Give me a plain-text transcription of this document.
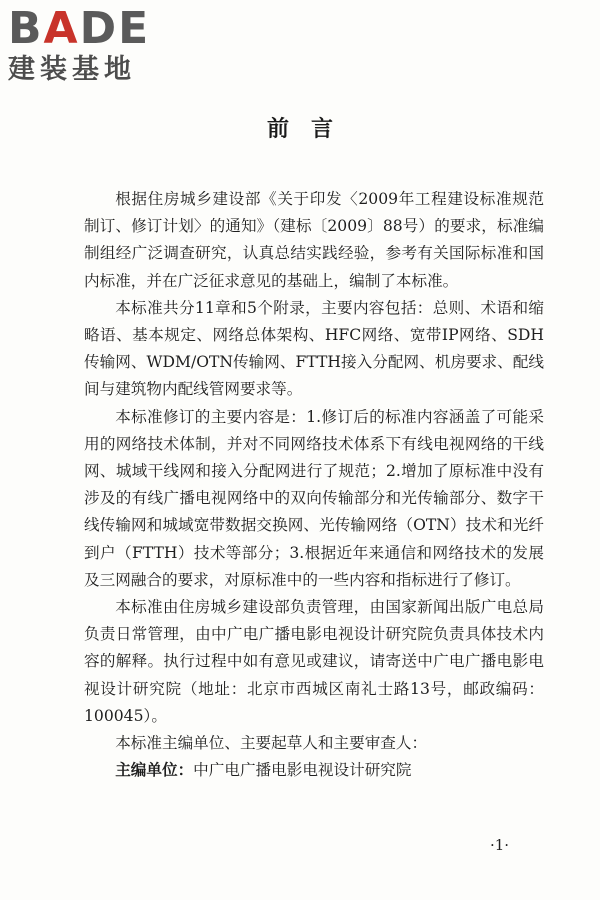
BADE
建装基地
前言

根据住房城乡建设部《关于印发〈2009年工程建设标准规范制订、修订计划〉的通知》（建标〔2009〕88号）的要求，标准编制组经广泛调查研究，认真总结实践经验，参考有关国际标准和国内标准，并在广泛征求意见的基础上，编制了本标准。

本标准共分11章和5个附录，主要内容包括：总则、术语和缩略语、基本规定、网络总体架构、HFC网络、宽带IP网络、SDH传输网、WDM/OTN传输网、FTTH接入分配网、机房要求、配线间与建筑物内配线管网要求等。

本标准修订的主要内容是：1.修订后的标准内容涵盖了可能采用的网络技术体制，并对不同网络技术体系下有线电视网络的干线网、城域干线网和接入分配网进行了规范；2.增加了原标准中没有涉及的有线广播电视网络中的双向传输部分和光传输部分、数字干线传输网和城域宽带数据交换网、光传输网络（OTN）技术和光纤到户（FTTH）技术等部分；3.根据近年来通信和网络技术的发展及三网融合的要求，对原标准中的一些内容和指标进行了修订。

本标准由住房城乡建设部负责管理，由国家新闻出版广电总局负责日常管理，由中广电广播电影电视设计研究院负责具体技术内容的解释。执行过程中如有意见或建议，请寄送中广电广播电影电视设计研究院（地址：北京市西城区南礼士路13号，邮政编码：100045）。

本标准主编单位、主要起草人和主要审查人：

主编单位：中广电广播电影电视设计研究院

·1·
